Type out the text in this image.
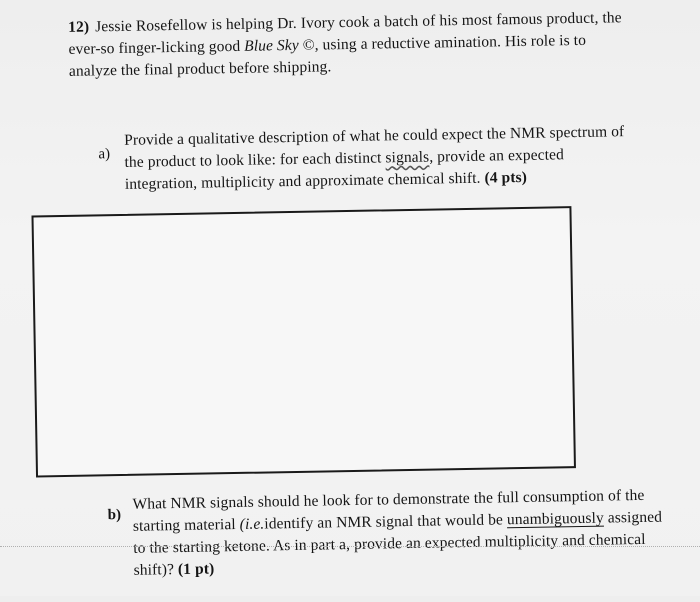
12) Jessie Rosefellow is helping Dr. Ivory cook a batch of his most famous product, the ever-so finger-licking good Blue Sky ©, using a reductive amination. His role is to analyze the final product before shipping.
a)
Provide a qualitative description of what he could expect the NMR spectrum of the product to look like: for each distinct signals, provide an expected integration, multiplicity and approximate chemical shift. (4 pts)
b)
What NMR signals should he look for to demonstrate the full consumption of the starting material (i.e.identify an NMR signal that would be unambiguously assigned to the starting ketone. As in part a, provide an expected multiplicity and chemical shift)? (1 pt)
